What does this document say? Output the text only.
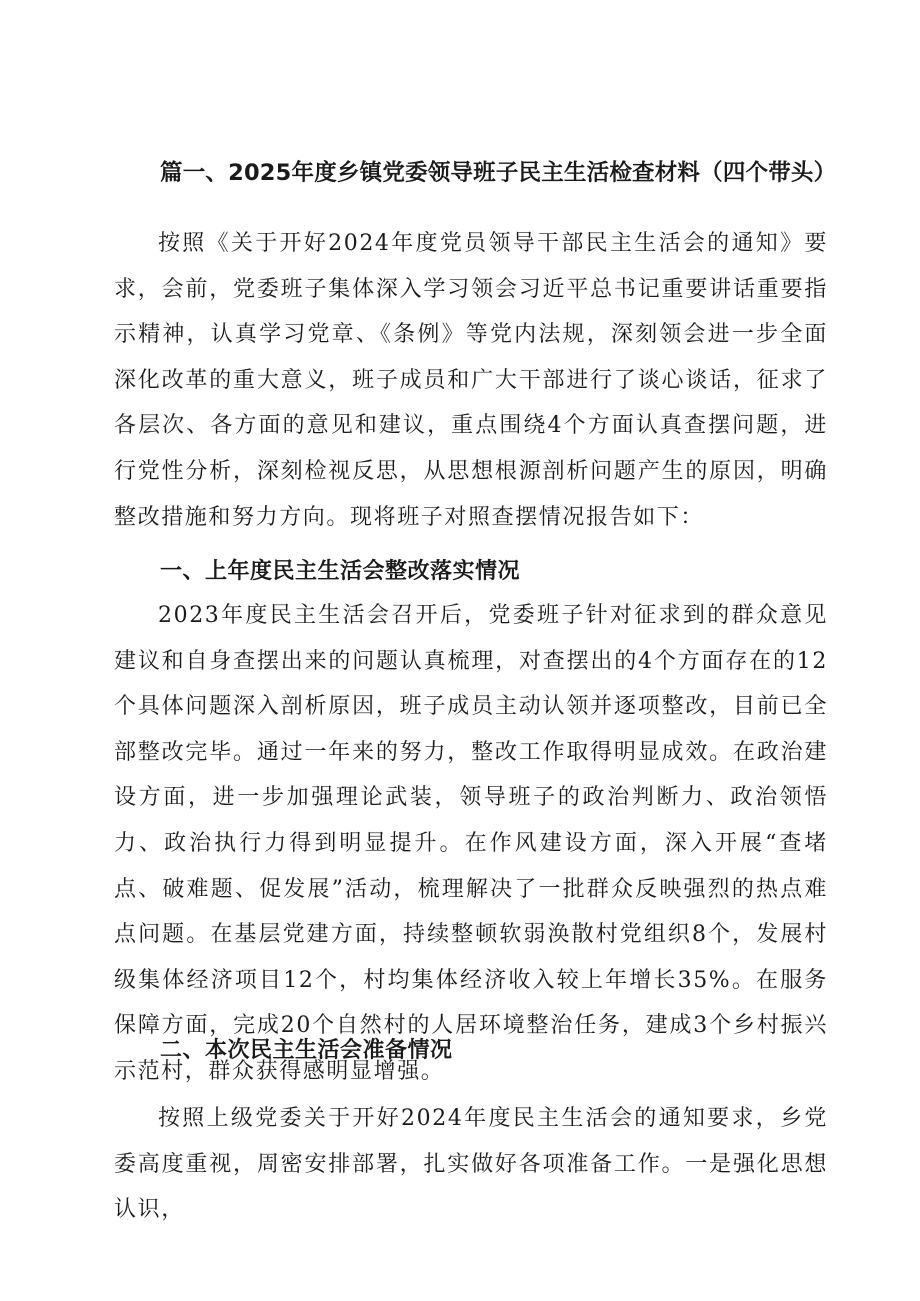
篇一、2025年度乡镇党委领导班子民主生活检查材料（四个带头）

按照《关于开好2024年度党员领导干部民主生活会的通知》要求，会前，党委班子集体深入学习领会习近平总书记重要讲话重要指示精神，认真学习党章、《条例》等党内法规，深刻领会进一步全面深化改革的重大意义，班子成员和广大干部进行了谈心谈话，征求了各层次、各方面的意见和建议，重点围绕4个方面认真查摆问题，进行党性分析，深刻检视反思，从思想根源剖析问题产生的原因，明确整改措施和努力方向。现将班子对照查摆情况报告如下：

一、上年度民主生活会整改落实情况

2023年度民主生活会召开后，党委班子针对征求到的群众意见建议和自身查摆出来的问题认真梳理，对查摆出的4个方面存在的12个具体问题深入剖析原因，班子成员主动认领并逐项整改，目前已全部整改完毕。通过一年来的努力，整改工作取得明显成效。在政治建设方面，进一步加强理论武装，领导班子的政治判断力、政治领悟力、政治执行力得到明显提升。在作风建设方面，深入开展“查堵点、破难题、促发展”活动，梳理解决了一批群众反映强烈的热点难点问题。在基层党建方面，持续整顿软弱涣散村党组织8个，发展村级集体经济项目12个，村均集体经济收入较上年增长35%。在服务保障方面，完成20个自然村的人居环境整治任务，建成3个乡村振兴示范村，群众获得感明显增强。

二、本次民主生活会准备情况

按照上级党委关于开好2024年度民主生活会的通知要求，乡党委高度重视，周密安排部署，扎实做好各项准备工作。一是强化思想认识，
